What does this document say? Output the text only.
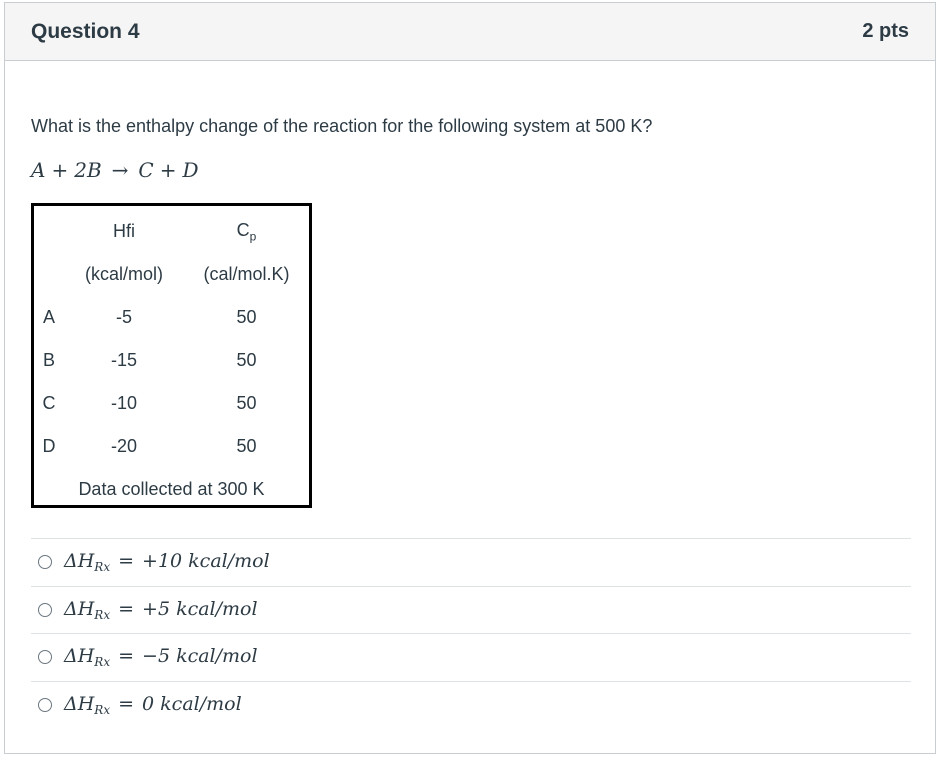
Question 4	2 pts

What is the enthalpy change of the reaction for the following system at 500 K?

A + 2B → C + D
	Hfi	$C_p$
	(kcal/mol)	(cal/mol.K)
A	-5	50
B	-15	50
C	-10	50
D	-20	50
Data collected at 300 K		
$\Delta H_{Rx} = +10$ kcal/mol
$\Delta H_{Rx} = +5$ kcal/mol
$\Delta H_{Rx} = -5$ kcal/mol
$\Delta H_{Rx} = 0$ kcal/mol
